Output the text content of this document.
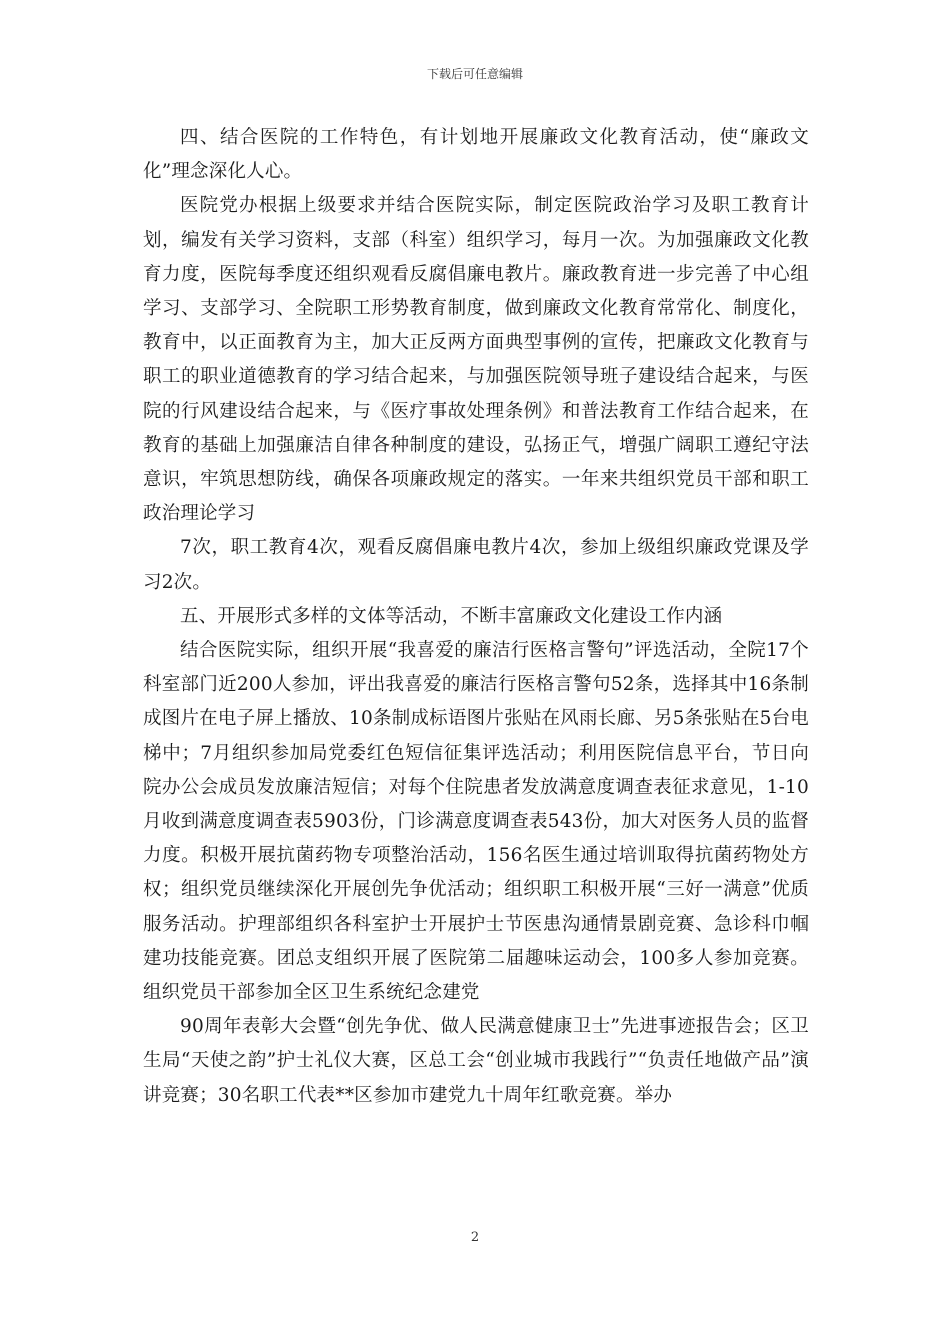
下载后可任意编辑

四、结合医院的工作特色，有计划地开展廉政文化教育活动，使“廉政文化”理念深化人心。

医院党办根据上级要求并结合医院实际，制定医院政治学习及职工教育计划，编发有关学习资料，支部（科室）组织学习，每月一次。为加强廉政文化教育力度，医院每季度还组织观看反腐倡廉电教片。廉政教育进一步完善了中心组学习、支部学习、全院职工形势教育制度，做到廉政文化教育常常化、制度化，教育中，以正面教育为主，加大正反两方面典型事例的宣传，把廉政文化教育与职工的职业道德教育的学习结合起来，与加强医院领导班子建设结合起来，与医院的行风建设结合起来，与《医疗事故处理条例》和普法教育工作结合起来，在教育的基础上加强廉洁自律各种制度的建设，弘扬正气，增强广阔职工遵纪守法意识，牢筑思想防线，确保各项廉政规定的落实。一年来共组织党员干部和职工政治理论学习

7次，职工教育4次，观看反腐倡廉电教片4次，参加上级组织廉政党课及学习2次。

五、开展形式多样的文体等活动，不断丰富廉政文化建设工作内涵

结合医院实际，组织开展“我喜爱的廉洁行医格言警句”评选活动，全院17个科室部门近200人参加，评出我喜爱的廉洁行医格言警句52条，选择其中16条制成图片在电子屏上播放、10条制成标语图片张贴在风雨长廊、另5条张贴在5台电梯中；7月组织参加局党委红色短信征集评选活动；利用医院信息平台，节日向院办公会成员发放廉洁短信；对每个住院患者发放满意度调查表征求意见，1-10月收到满意度调查表5903份，门诊满意度调查表543份，加大对医务人员的监督力度。积极开展抗菌药物专项整治活动，156名医生通过培训取得抗菌药物处方权；组织党员继续深化开展创先争优活动；组织职工积极开展“三好一满意”优质服务活动。护理部组织各科室护士开展护士节医患沟通情景剧竞赛、急诊科巾帼建功技能竞赛。团总支组织开展了医院第二届趣味运动会，100多人参加竞赛。组织党员干部参加全区卫生系统纪念建党

90周年表彰大会暨“创先争优、做人民满意健康卫士”先进事迹报告会；区卫生局“天使之韵”护士礼仪大赛，区总工会“创业城市我践行”“负责任地做产品”演讲竞赛；30名职工代表**区参加市建党九十周年红歌竞赛。举办

2
